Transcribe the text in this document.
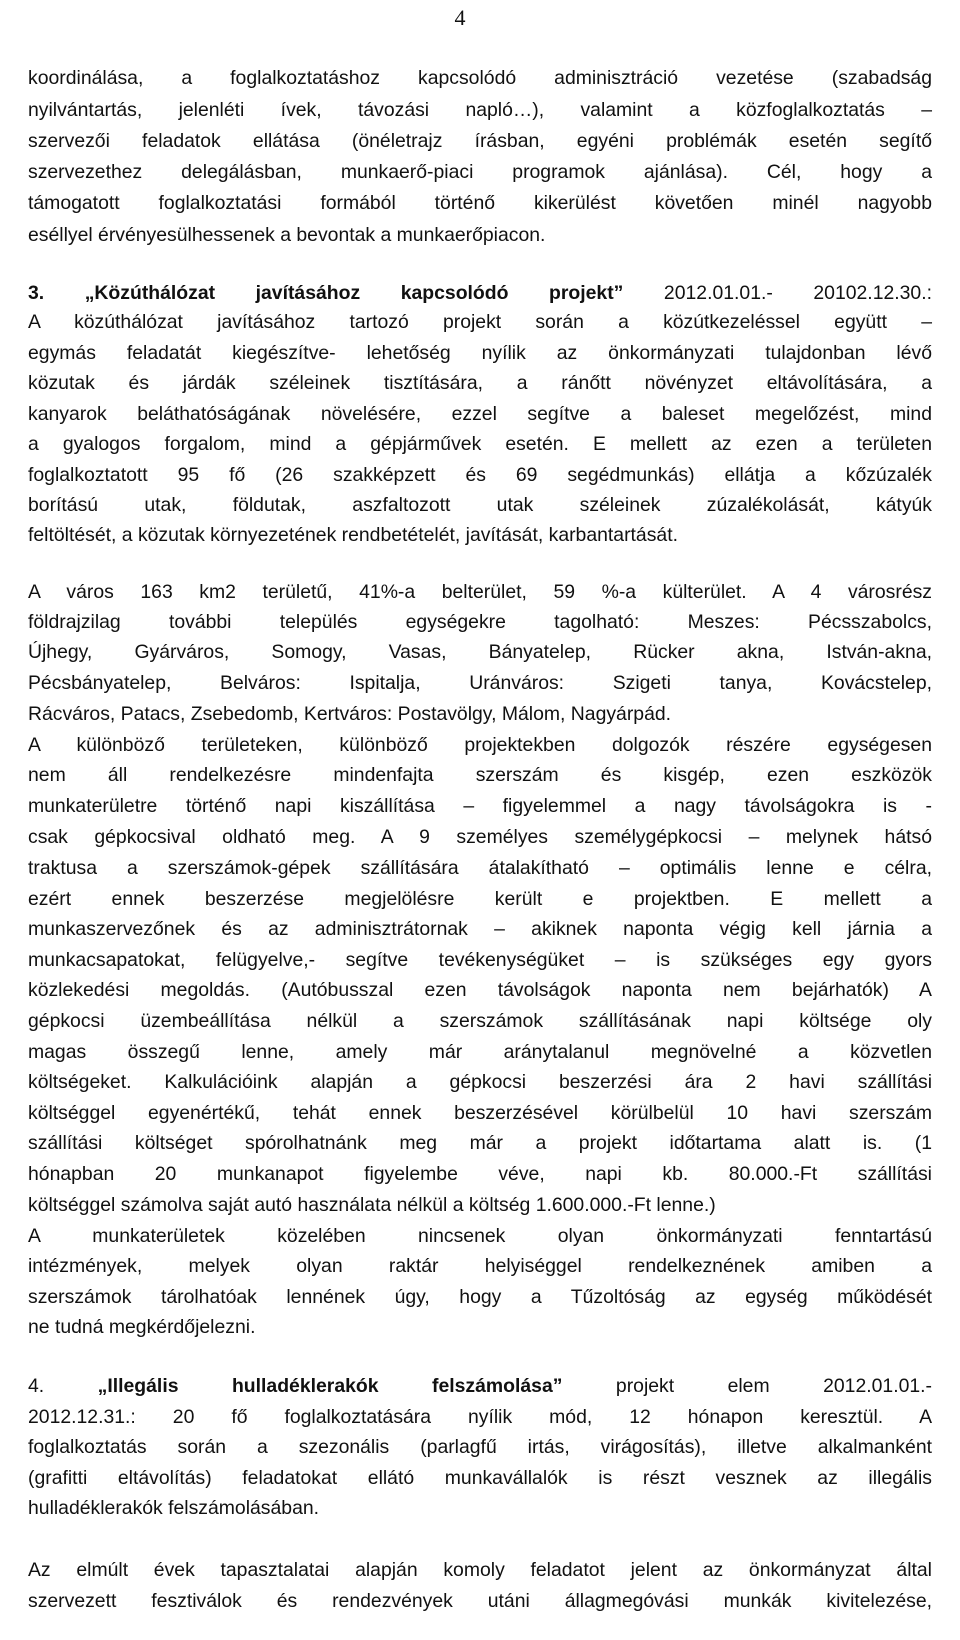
4
koordinálása, a foglalkoztatáshoz kapcsolódó adminisztráció vezetése (szabadság
nyilvántartás, jelenléti ívek, távozási napló…), valamint a közfoglalkoztatás –
szervezői feladatok ellátása (önéletrajz írásban, egyéni problémák esetén segítő
szervezethez delegálásban, munkaerő-piaci programok ajánlása). Cél, hogy a
támogatott foglalkoztatási formából történő kikerülést követően minél nagyobb
eséllyel érvényesülhessenek a bevontak a munkaerőpiacon.
3. „Közúthálózat javításához kapcsolódó projekt” 2012.01.01.- 20102.12.30.:
A közúthálózat javításához tartozó projekt során a közútkezeléssel együtt –
egymás feladatát kiegészítve- lehetőség nyílik az önkormányzati tulajdonban lévő
közutak és járdák széleinek tisztítására, a ránőtt növényzet eltávolítására, a
kanyarok beláthatóságának növelésére, ezzel segítve a baleset megelőzést, mind
a gyalogos forgalom, mind a gépjárművek esetén. E mellett az ezen a területen
foglalkoztatott 95 fő (26 szakképzett és 69 segédmunkás) ellátja a kőzúzalék
borítású utak, földutak, aszfaltozott utak széleinek zúzalékolását, kátyúk
feltöltését, a közutak környezetének rendbetételét, javítását, karbantartását.
A város 163 km2 területű, 41%-a belterület, 59 %-a külterület. A 4 városrész
földrajzilag további település egységekre tagolható: Meszes: Pécsszabolcs,
Újhegy, Gyárváros, Somogy, Vasas, Bányatelep, Rücker akna, István-akna,
Pécsbányatelep, Belváros: Ispitalja, Uránváros: Szigeti tanya, Kovácstelep,
Rácváros, Patacs, Zsebedomb, Kertváros: Postavölgy, Málom, Nagyárpád.
A különböző területeken, különböző projektekben dolgozók részére egységesen
nem áll rendelkezésre mindenfajta szerszám és kisgép, ezen eszközök
munkaterületre történő napi kiszállítása – figyelemmel a nagy távolságokra is -
csak gépkocsival oldható meg. A 9 személyes személygépkocsi – melynek hátsó
traktusa a szerszámok-gépek szállítására átalakítható – optimális lenne e célra,
ezért ennek beszerzése megjelölésre került e projektben. E mellett a
munkaszervezőnek és az adminisztrátornak – akiknek naponta végig kell járnia a
munkacsapatokat, felügyelve,- segítve tevékenységüket – is szükséges egy gyors
közlekedési megoldás. (Autóbusszal ezen távolságok naponta nem bejárhatók) A
gépkocsi üzembeállítása nélkül a szerszámok szállításának napi költsége oly
magas összegű lenne, amely már aránytalanul megnövelné a közvetlen
költségeket. Kalkulációink alapján a gépkocsi beszerzési ára 2 havi szállítási
költséggel egyenértékű, tehát ennek beszerzésével körülbelül 10 havi szerszám
szállítási költséget spórolhatnánk meg már a projekt időtartama alatt is. (1
hónapban 20 munkanapot figyelembe véve, napi kb. 80.000.-Ft szállítási
költséggel számolva saját autó használata nélkül a költség 1.600.000.-Ft lenne.)
A munkaterületek közelében nincsenek olyan önkormányzati fenntartású
intézmények, melyek olyan raktár helyiséggel rendelkeznének amiben a
szerszámok tárolhatóak lennének úgy, hogy a Tűzoltóság az egység működését
ne tudná megkérdőjelezni.
4. „Illegális hulladéklerakók felszámolása” projekt elem 2012.01.01.-
2012.12.31.: 20 fő foglalkoztatására nyílik mód, 12 hónapon keresztül. A
foglalkoztatás során a szezonális (parlagfű irtás, virágosítás), illetve alkalmanként
(grafitti eltávolítás) feladatokat ellátó munkavállalók is részt vesznek az illegális
hulladéklerakók felszámolásában.
Az elmúlt évek tapasztalatai alapján komoly feladatot jelent az önkormányzat által
szervezett fesztiválok és rendezvények utáni állagmegóvási munkák kivitelezése,
